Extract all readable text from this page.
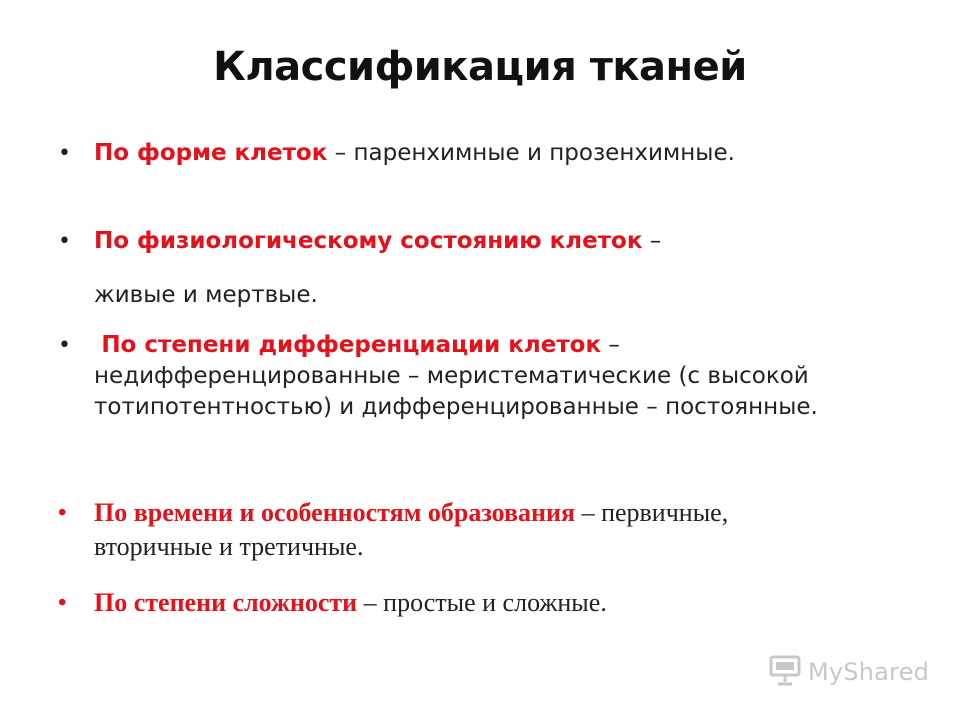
Классификация тканей
• По форме клеток – паренхимные и прозенхимные.
• По физиологическому состоянию клеток –
живые и мертвые.
•	По степени дифференциации клеток – недифференцированные – меристематические (с высокой тотипотентностью) и дифференцированные – постоянные.
• По времени и особенностям образования – первичные, вторичные и третичные.
• По степени сложности – простые и сложные.
MyShared
